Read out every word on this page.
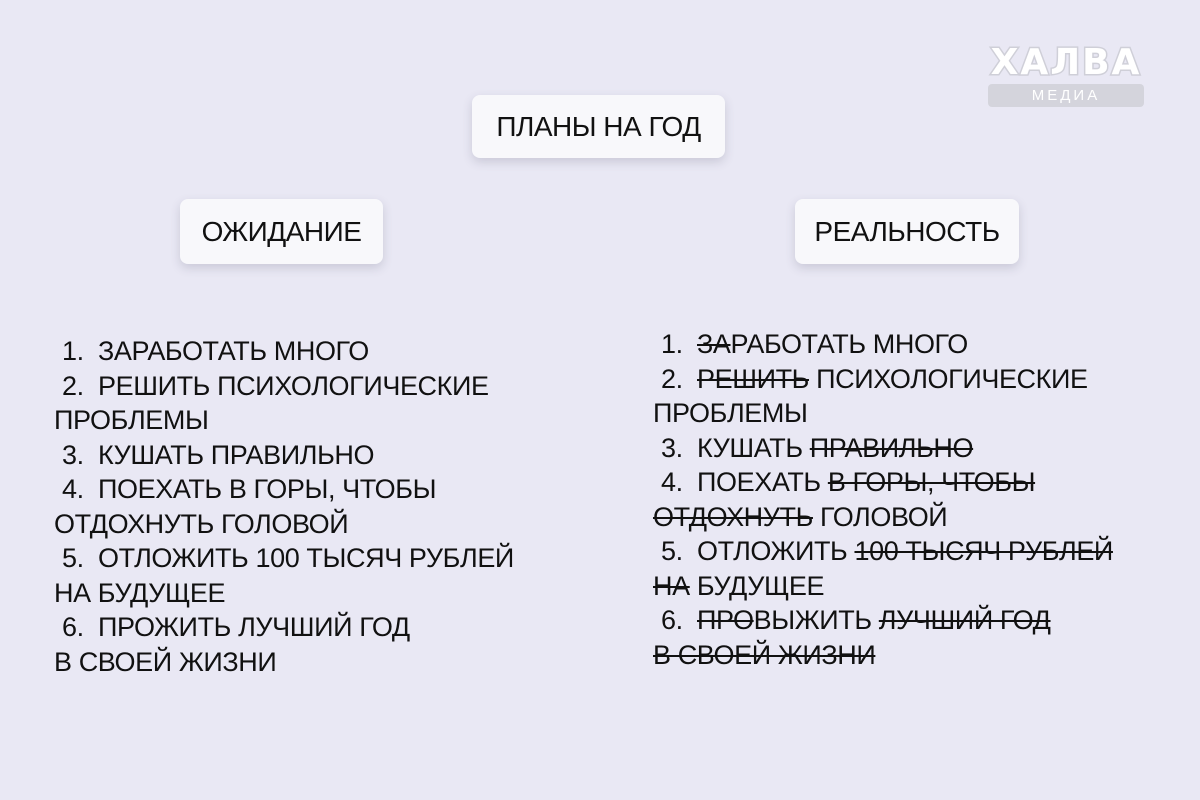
ПЛАНЫ НА ГОД
ОЖИДАНИЕ	РЕАЛЬНОСТЬ
1. ЗАРАБОТАТЬ МНОГО
2. РЕШИТЬ ПСИХОЛОГИЧЕСКИЕ
ПРОБЛЕМЫ
3. КУШАТЬ ПРАВИЛЬНО
4. ПОЕХАТЬ В ГОРЫ, ЧТОБЫ
ОТДОХНУТЬ ГОЛОВОЙ
5. ОТЛОЖИТЬ 100 ТЫСЯЧ РУБЛЕЙ
НА БУДУЩЕЕ
6. ПРОЖИТЬ ЛУЧШИЙ ГОД
В СВОЕЙ ЖИЗНИ
1. ЗАРАБОТАТЬ МНОГО
2. РЕШИТЬ ПСИХОЛОГИЧЕСКИЕ
ПРОБЛЕМЫ
3. КУШАТЬ ПРАВИЛЬНО
4. ПОЕХАТЬ В ГОРЫ, ЧТОБЫ
ОТДОХНУТЬ ГОЛОВОЙ
5. ОТЛОЖИТЬ 100 ТЫСЯЧ РУБЛЕЙ
НА БУДУЩЕЕ
6. ПРОВЫЖИТЬ ЛУЧШИЙ ГОД
В СВОЕЙ ЖИЗНИ
ХАЛВА
МЕДИА
